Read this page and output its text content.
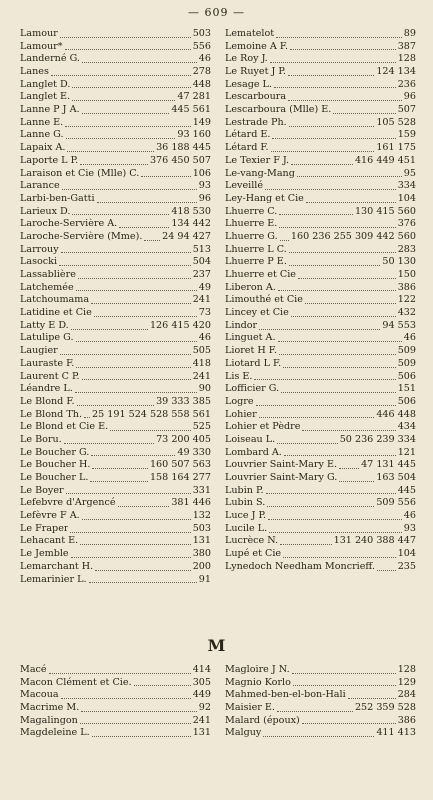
— 609 —
Lamour	503
Lamour*	556
Landerné G.	46
Lanes	278
Langlet D.	448
Langlet E.	47 281
Lanne P J A.	445 561
Lanne E.	149
Lanne G.	93 160
Lapaix A.	36 188 445
Laporte L P.	376 450 507
Laraison et Cie (Mlle) C.	106
Larance	93
Larbi-ben-Gatti	96
Larieux D.	418 530
Laroche-Servière A.	134 442
Laroche-Servière (Mme). 24 94 427
Larrouy	513
Lasocki	504
Lassablière	237
Latchemée	49
Latchoumama	241
Latidine et Cie	73
Latty E D.	126 415 420
Latulipe G.	46
Laugier	505
Lauraste F.	418
Laurent C P.	241
Léandre L.	90
Le Blond F.	39 333 385
Le Blond Th. 25 191 524 528 558 561
Le Blond et Cie E.	525
Le Boru.	73 200 405
Le Boucher G.	49 330
Le Boucher H.	160 507 563
Le Boucher L.	158 164 277
Le Boyer	331
Lefebvre d'Argencé	381 446
Lefèvre F A.	132
Le Fraper	503
Lehacant E.	131
Le Jemble	380
Lemarchant H.	200
Lemarinier L.	91
Lematelot	89
Lemoine A F.	387
Le Roy J.	128
Le Ruyet J P.	124 134
Lesage L.	236
Lescarboura	96
Lescarboura (Mlle) E.	507
Lestrade Ph.	105 528
Létard E.	159
Létard F.	161 175
Le Texier F J.	416 449 451
Le-vang-Mang	95
Leveillé	334
Ley-Hang et Cie	104
Lhuerre C.	130 415 560
Lhuerre E.	376
Lhuerre G. 160 236 255 309 442 560
Lhuerre L C.	283
Lhuerre P E.	50 130
Lhuerre et Cie	150
Liberon A.	386
Limouthé et Cie	122
Lincey et Cie	432
Lindor	94 553
Linguet A.	46
Lioret H F.	509
Liotard L F.	509
Lis E.	506
Lofficier G.	151
Logre	506
Lohier	446 448
Lohier et Pèdre	434
Loiseau L.	50 236 239 334
Lombard A.	121
Louvrier Saint-Mary E.	47 131 445
Louvrier Saint-Mary G.	163 504
Lubin P.	445
Lubin S.	509 556
Luce J P.	46
Lucile L.	93
Lucrèce N.	131 240 388 447
Lupé et Cie	104
Lynedoch Needham Moncrieff. 235
M
Macé	414
Macon Clément et Cie.	305
Macoua	449
Macrime M.	92
Magalingon	241
Magdeleine L.	131
Magloire J N.	128
Magnio Korlo	129
Mahmed-ben-el-bon-Hali	284
Maisier E.	252 359 528
Malard (époux)	386
Malguy	411 413
